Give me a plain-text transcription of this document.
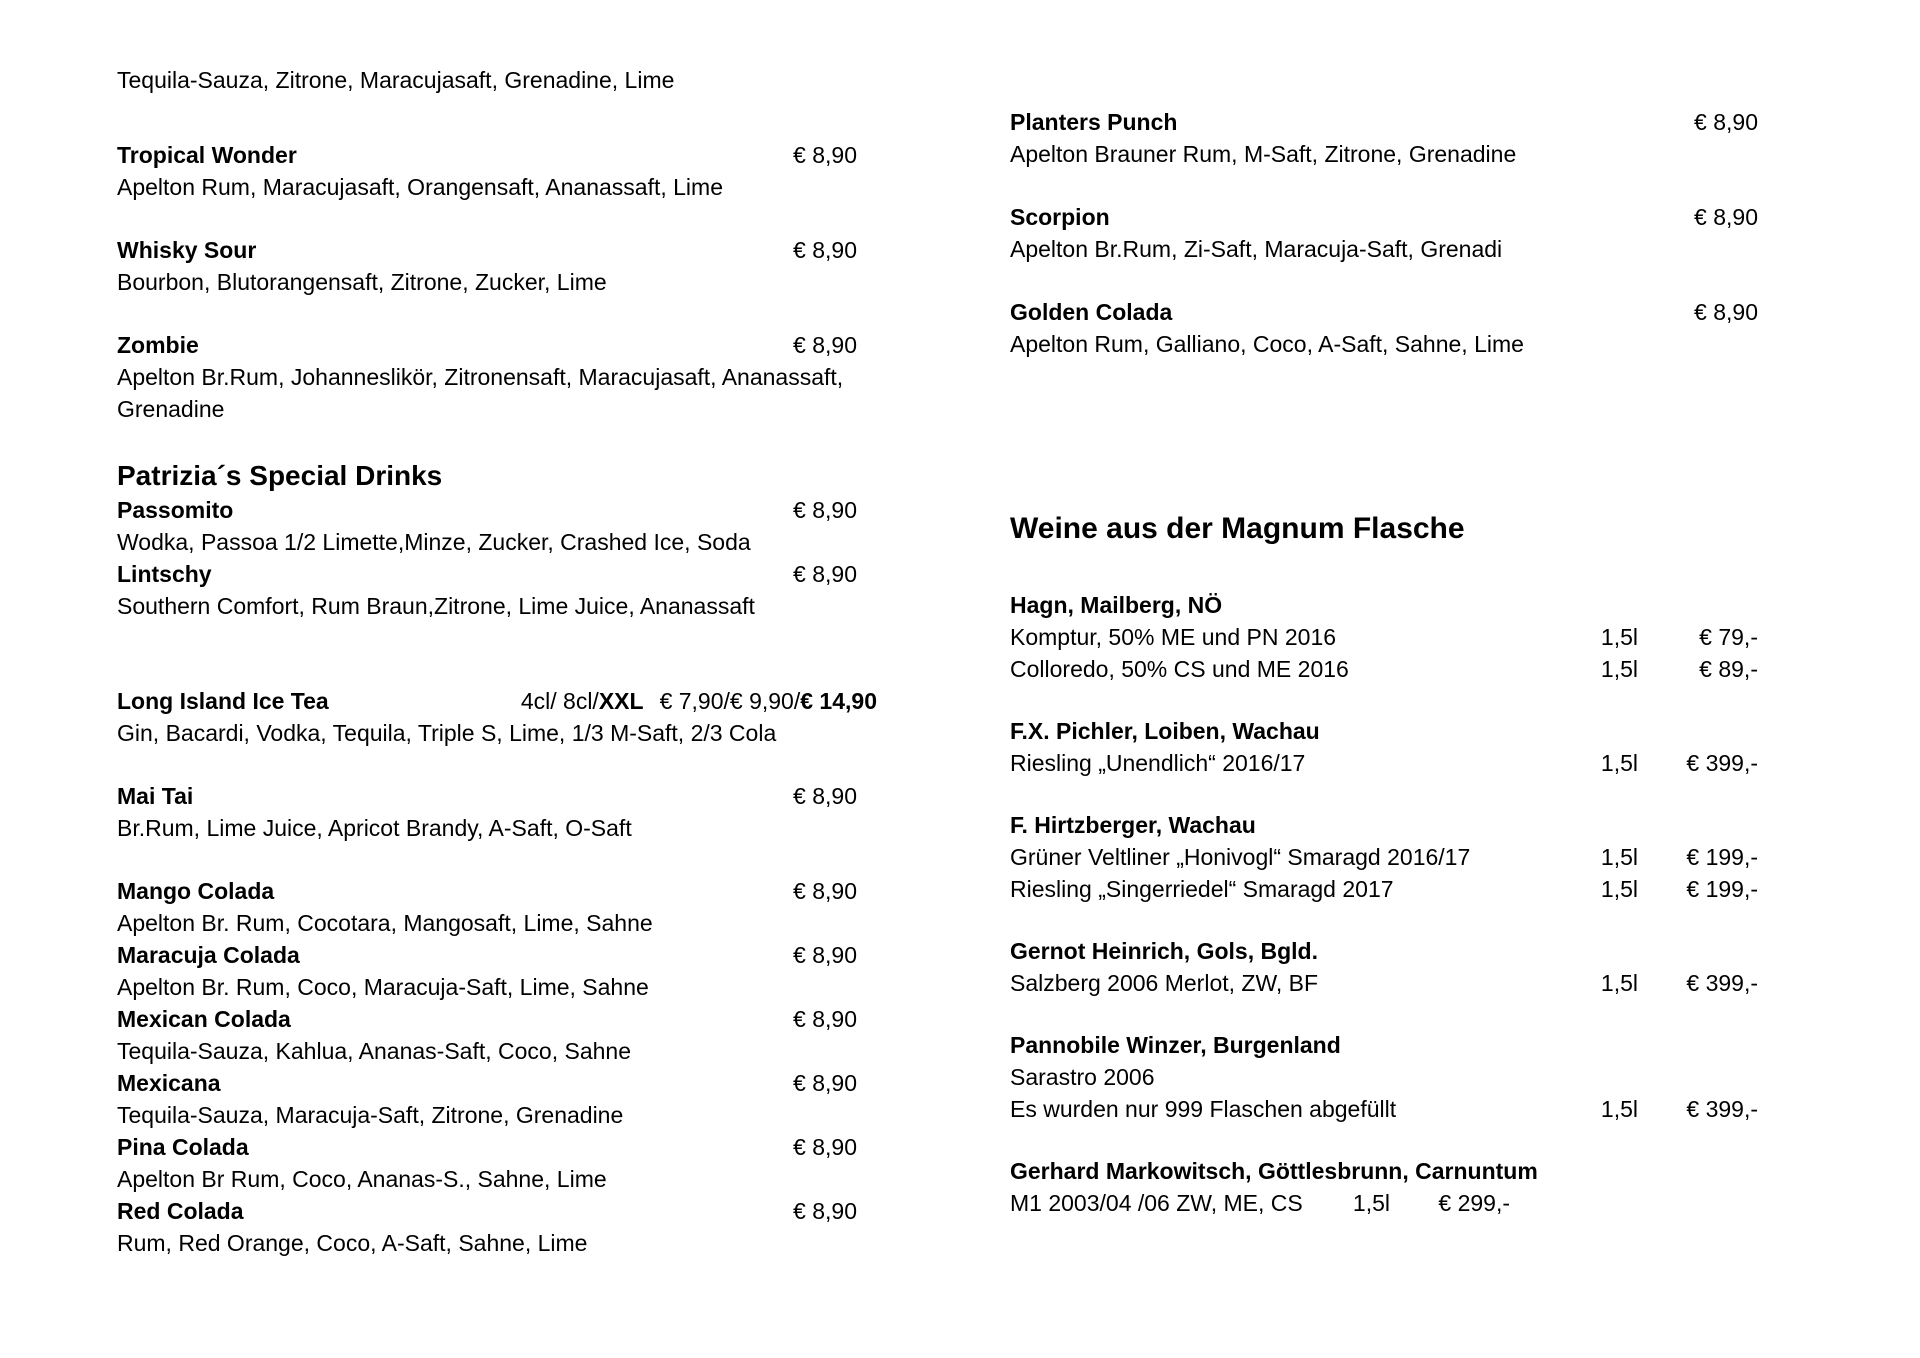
Tequila-Sauza, Zitrone, Maracujasaft, Grenadine, Lime
Tropical Wonder	€ 8,90
Apelton Rum, Maracujasaft, Orangensaft, Ananassaft, Lime
Whisky Sour	€ 8,90
Bourbon, Blutorangensaft, Zitrone, Zucker, Lime
Zombie	€ 8,90
Apelton Br.Rum, Johanneslikör, Zitronensaft, Maracujasaft, Ananassaft, Grenadine
Patrizia´s Special Drinks
Passomito	€ 8,90
Wodka, Passoa 1/2 Limette,Minze, Zucker, Crashed Ice, Soda
Lintschy	€ 8,90
Southern Comfort, Rum Braun,Zitrone, Lime Juice, Ananassaft
Long Island Ice Tea	4cl/ 8cl/XXL € 7,90/€ 9,90/€ 14,90
Gin, Bacardi, Vodka, Tequila, Triple S, Lime, 1/3 M-Saft, 2/3 Cola
Mai Tai	€ 8,90
Br.Rum, Lime Juice, Apricot Brandy, A-Saft, O-Saft
Mango Colada	€ 8,90
Apelton Br. Rum, Cocotara, Mangosaft, Lime, Sahne
Maracuja Colada	€ 8,90
Apelton Br. Rum, Coco, Maracuja-Saft, Lime, Sahne
Mexican Colada	€ 8,90
Tequila-Sauza, Kahlua, Ananas-Saft, Coco, Sahne
Mexicana	€ 8,90
Tequila-Sauza, Maracuja-Saft, Zitrone, Grenadine
Pina Colada	€ 8,90
Apelton Br Rum, Coco, Ananas-S., Sahne, Lime
Red Colada	€ 8,90
Rum, Red Orange, Coco, A-Saft, Sahne, Lime
Planters Punch	€ 8,90
Apelton Brauner Rum, M-Saft, Zitrone, Grenadine
Scorpion	€ 8,90
Apelton Br.Rum, Zi-Saft, Maracuja-Saft, Grenadi
Golden Colada	€ 8,90
Apelton Rum, Galliano, Coco, A-Saft, Sahne, Lime
Weine aus der Magnum Flasche
Hagn, Mailberg, NÖ
Komptur, 50% ME und PN 2016	1,5l	€ 79,-
Colloredo, 50% CS und ME 2016	1,5l	€ 89,-
F.X. Pichler, Loiben, Wachau
Riesling „Unendlich“ 2016/17	1,5l	€ 399,-
F. Hirtzberger, Wachau
Grüner Veltliner „Honivogl“ Smaragd 2016/17	1,5l	€ 199,-
Riesling „Singerriedel“ Smaragd 2017	1,5l	€ 199,-
Gernot Heinrich, Gols, Bgld.
Salzberg 2006 Merlot, ZW, BF	1,5l	€ 399,-
Pannobile Winzer, Burgenland
Sarastro 2006
Es wurden nur 999 Flaschen abgefüllt	1,5l	€ 399,-
Gerhard Markowitsch, Göttlesbrunn, Carnuntum
M1 2003/04 /06 ZW, ME, CS	1,5l	€ 299,-
